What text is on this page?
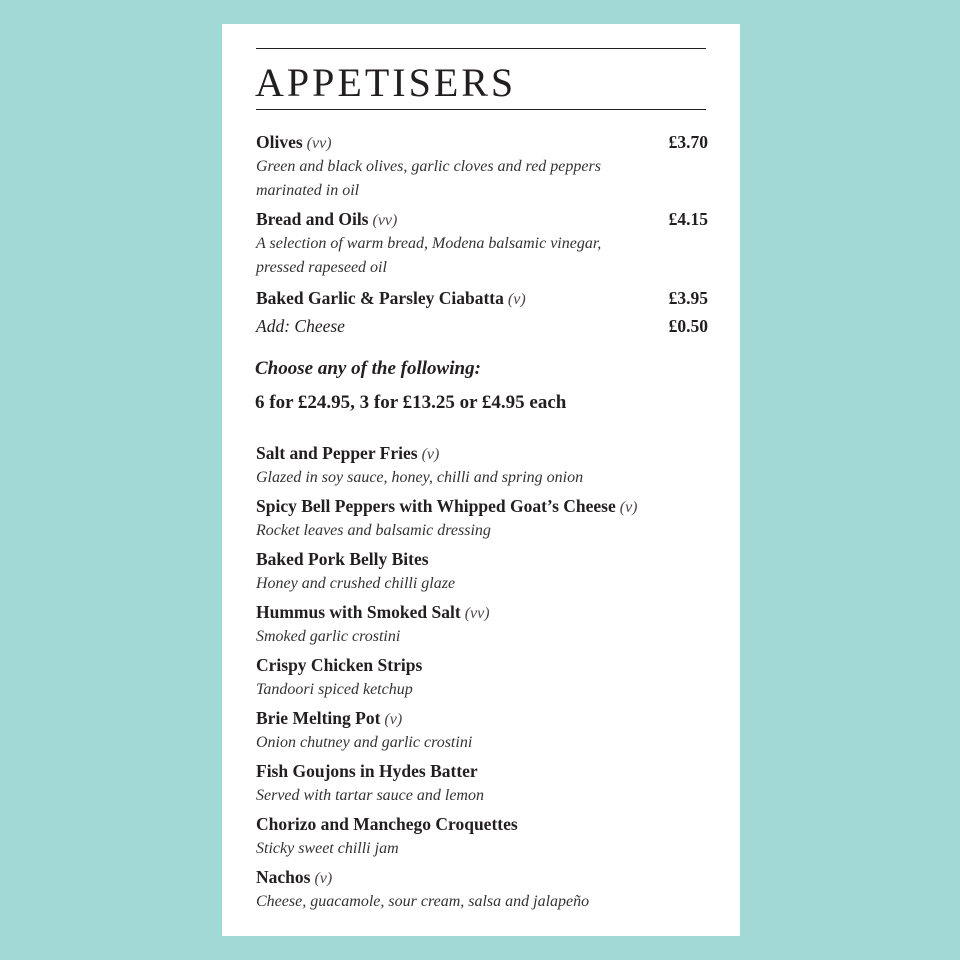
APPETISERS
Olives (vv)	£3.70
Green and black olives, garlic cloves and red peppers marinated in oil
Bread and Oils (vv)	£4.15
A selection of warm bread, Modena balsamic vinegar, pressed rapeseed oil
Baked Garlic & Parsley Ciabatta (v)	£3.95
Add: Cheese	£0.50
Choose any of the following:
6 for £24.95, 3 for £13.25 or £4.95 each
Salt and Pepper Fries (v)
Glazed in soy sauce, honey, chilli and spring onion
Spicy Bell Peppers with Whipped Goat’s Cheese (v)
Rocket leaves and balsamic dressing
Baked Pork Belly Bites
Honey and crushed chilli glaze
Hummus with Smoked Salt (vv)
Smoked garlic crostini
Crispy Chicken Strips
Tandoori spiced ketchup
Brie Melting Pot (v)
Onion chutney and garlic crostini
Fish Goujons in Hydes Batter
Served with tartar sauce and lemon
Chorizo and Manchego Croquettes
Sticky sweet chilli jam
Nachos (v)
Cheese, guacamole, sour cream, salsa and jalapeño
